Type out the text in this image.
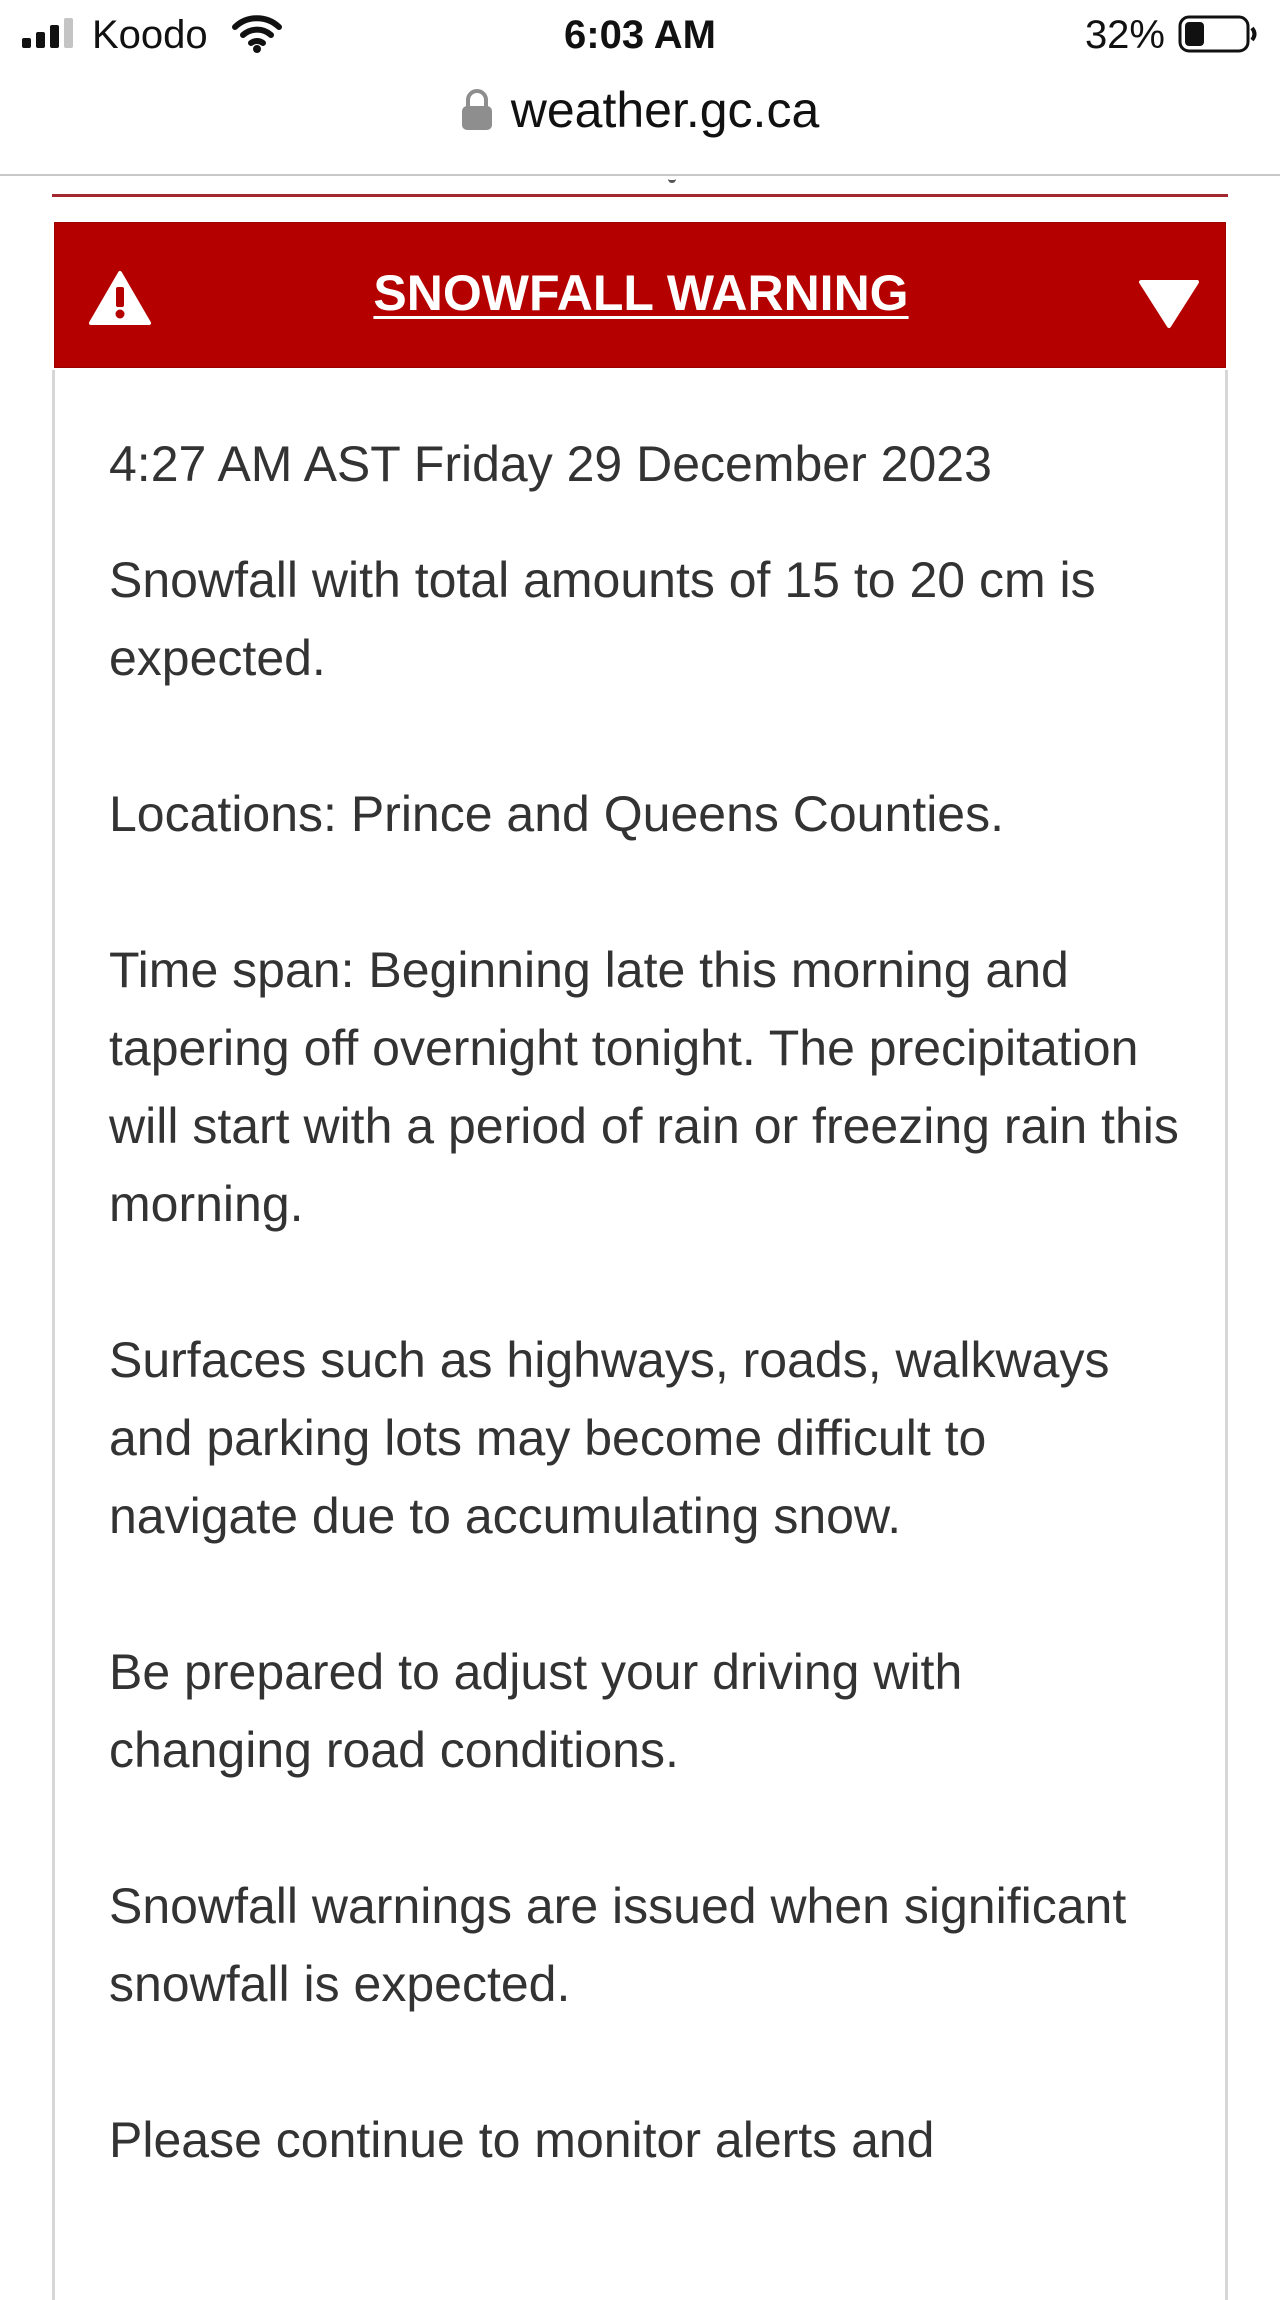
Koodo	6:03 AM	32%
weather.gc.ca
SNOWFALL WARNING

4:27 AM AST Friday 29 December 2023

Snowfall with total amounts of 15 to 20 cm is expected.

Locations: Prince and Queens Counties.

Time span: Beginning late this morning and tapering off overnight tonight. The precipitation will start with a period of rain or freezing rain this morning.

Surfaces such as highways, roads, walkways and parking lots may become difficult to navigate due to accumulating snow.

Be prepared to adjust your driving with changing road conditions.

Snowfall warnings are issued when significant snowfall is expected.

Please continue to monitor alerts and
